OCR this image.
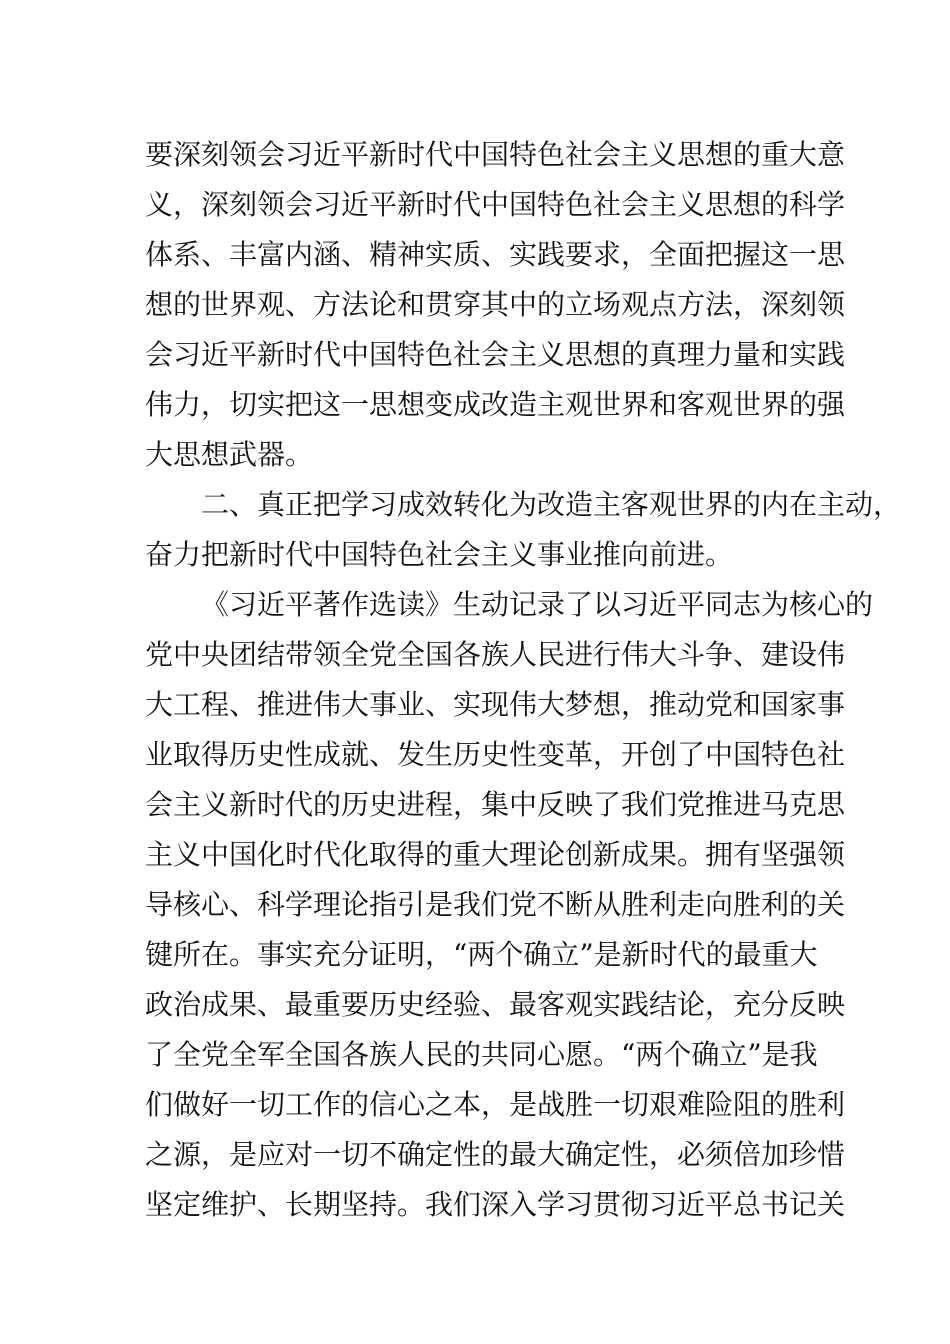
要深刻领会习近平新时代中国特色社会主义思想的重大意
义，深刻领会习近平新时代中国特色社会主义思想的科学
体系、丰富内涵、精神实质、实践要求，全面把握这一思
想的世界观、方法论和贯穿其中的立场观点方法，深刻领
会习近平新时代中国特色社会主义思想的真理力量和实践
伟力，切实把这一思想变成改造主观世界和客观世界的强
大思想武器。
二、真正把学习成效转化为改造主客观世界的内在主动，
奋力把新时代中国特色社会主义事业推向前进。
《习近平著作选读》生动记录了以习近平同志为核心的
党中央团结带领全党全国各族人民进行伟大斗争、建设伟
大工程、推进伟大事业、实现伟大梦想，推动党和国家事
业取得历史性成就、发生历史性变革，开创了中国特色社
会主义新时代的历史进程，集中反映了我们党推进马克思
主义中国化时代化取得的重大理论创新成果。拥有坚强领
导核心、科学理论指引是我们党不断从胜利走向胜利的关
键所在。事实充分证明，“两个确立”是新时代的最重大
政治成果、最重要历史经验、最客观实践结论，充分反映
了全党全军全国各族人民的共同心愿。“两个确立”是我
们做好一切工作的信心之本，是战胜一切艰难险阻的胜利
之源，是应对一切不确定性的最大确定性，必须倍加珍惜
坚定维护、长期坚持。我们深入学习贯彻习近平总书记关
